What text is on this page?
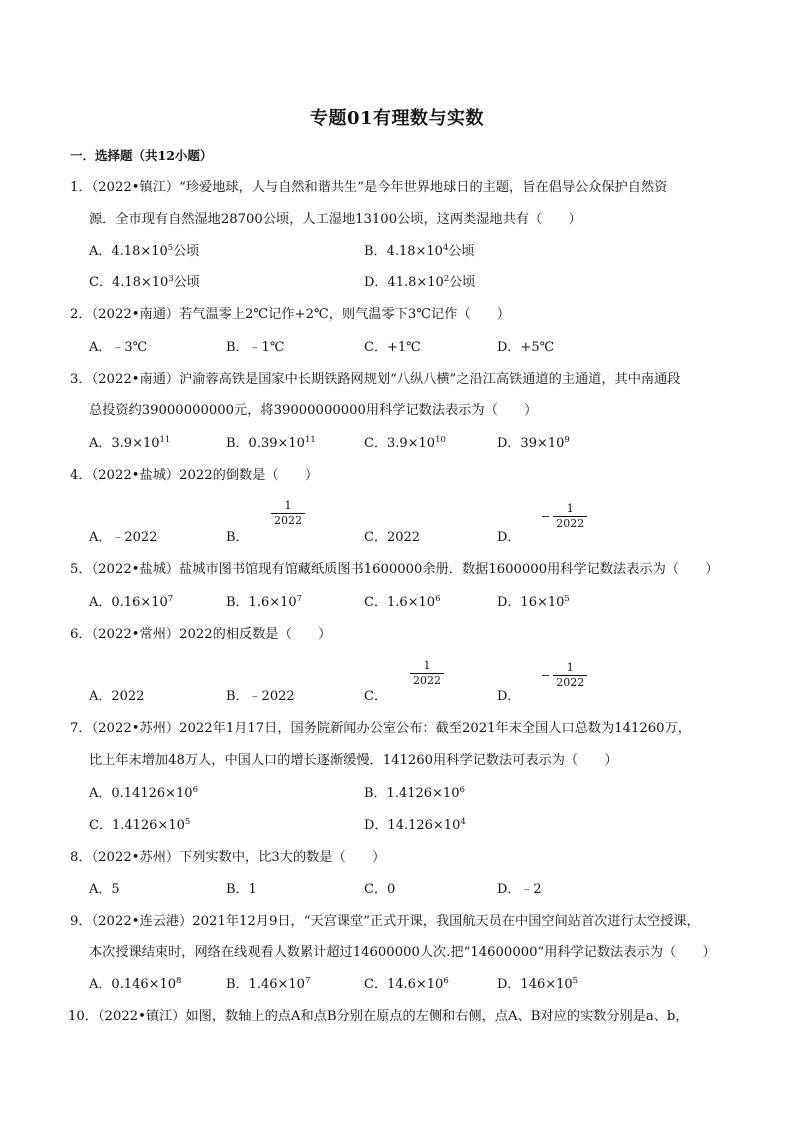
专题01有理数与实数
一．选择题（共12小题）
1．（2022•镇江）“珍爱地球，人与自然和谐共生”是今年世界地球日的主题，旨在倡导公众保护自然资
源．全市现有自然湿地28700公顷，人工湿地13100公顷，这两类湿地共有（　　）
A．$4.18\times 10^5$公顷	B．$4.18\times 10^4$公顷
C．$4.18\times 10^3$公顷	D．$41.8\times 10^2$公顷
2．（2022•南通）若气温零上2℃记作+2℃，则气温零下3℃记作（　　）
A．﹣3℃	B．﹣1℃	C．+1℃	D．+5℃
3．（2022•南通）沪渝蓉高铁是国家中长期铁路网规划“八纵八横”之沿江高铁通道的主通道，其中南通段
总投资约39000000000元，将39000000000用科学记数法表示为（　　）
A．$3.9\times 10^{11}$	B．$0.39\times 10^{11}$	C．$3.9\times 10^{10}$	D．$39\times 10^9$
4．（2022•盐城）2022的倒数是（　　）
A．﹣2022	B．
$\frac{1}{2022}$
C．2022	D．
− $\frac{1}{2022}$
5．（2022•盐城）盐城市图书馆现有馆藏纸质图书1600000余册．数据1600000用科学记数法表示为（　　）
A．$0.16\times 10^7$	B．$1.6\times 10^7$	C．$1.6\times 10^6$	D．$16\times 10^5$
6．（2022•常州）2022的相反数是（　　）
A．2022	B．﹣2022	C．
$\frac{1}{2022}$
D．
− $\frac{1}{2022}$
7．（2022•苏州）2022年1月17日，国务院新闻办公室公布：截至2021年末全国人口总数为141260万，
比上年末增加48万人，中国人口的增长逐渐缓慢．141260用科学记数法可表示为（　　）
A．$0.14126\times 10^6$	B．$1.4126\times 10^6$
C．$1.4126\times 10^5$	D．$14.126\times 10^4$
8．（2022•苏州）下列实数中，比3大的数是（　　）
A．5	B．1	C．0	D．﹣2
9．（2022•连云港）2021年12月9日，“天宫课堂”正式开课，我国航天员在中国空间站首次进行太空授课，
本次授课结束时，网络在线观看人数累计超过14600000人次.把“14600000”用科学记数法表示为（　　）
A．$0.146\times 10^8$	B．$1.46\times 10^7$	C．$14.6\times 10^6$	D．$146\times 10^5$
10．（2022•镇江）如图，数轴上的点A和点B分别在原点的左侧和右侧，点A、B对应的实数分别是a、b，
